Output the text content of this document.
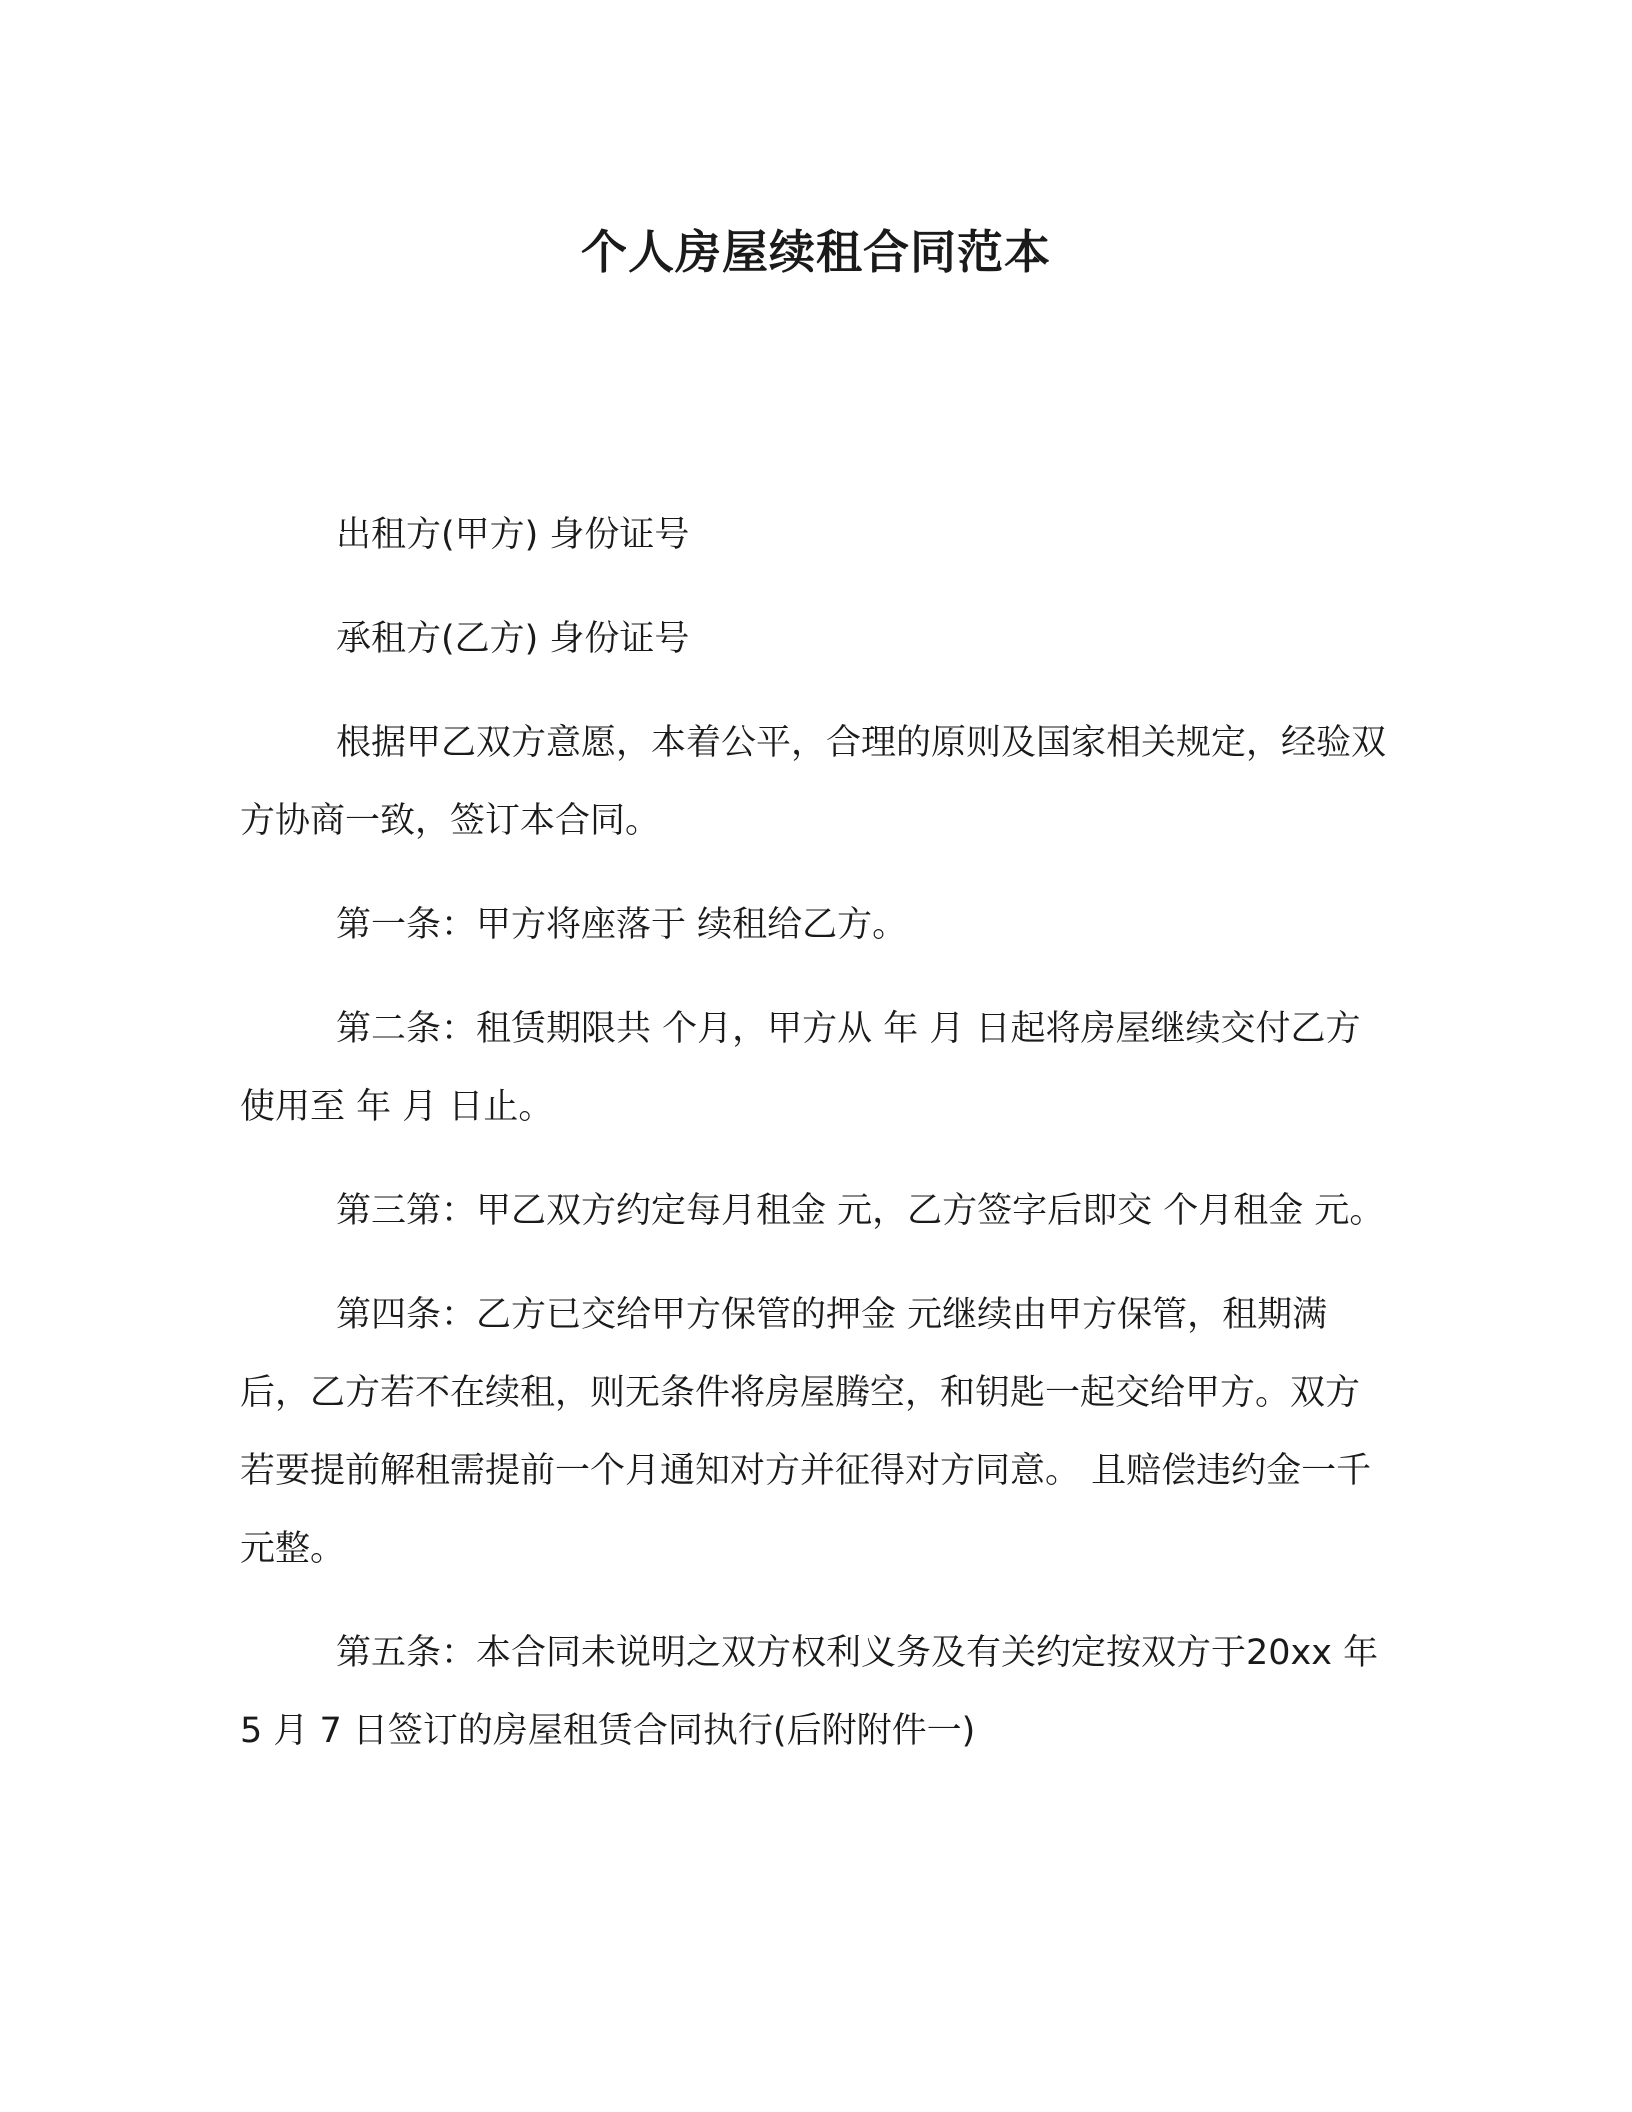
个人房屋续租合同范本

出租方(甲方) 身份证号

承租方(乙方) 身份证号

根据甲乙双方意愿，本着公平，合理的原则及国家相关规定，经验双方协商一致，签订本合同。

第一条：甲方将座落于 续租给乙方。

第二条：租赁期限共 个月，甲方从 年 月 日起将房屋继续交付乙方使用至 年 月 日止。

第三第：甲乙双方约定每月租金 元，乙方签字后即交 个月租金 元。

第四条：乙方已交给甲方保管的押金 元继续由甲方保管，租期满后，乙方若不在续租，则无条件将房屋腾空，和钥匙一起交给甲方。双方若要提前解租需提前一个月通知对方并征得对方同意。 且赔偿违约金一千元整。

第五条：本合同未说明之双方权利义务及有关约定按双方于20xx 年 5 月 7 日签订的房屋租赁合同执行(后附附件一)
